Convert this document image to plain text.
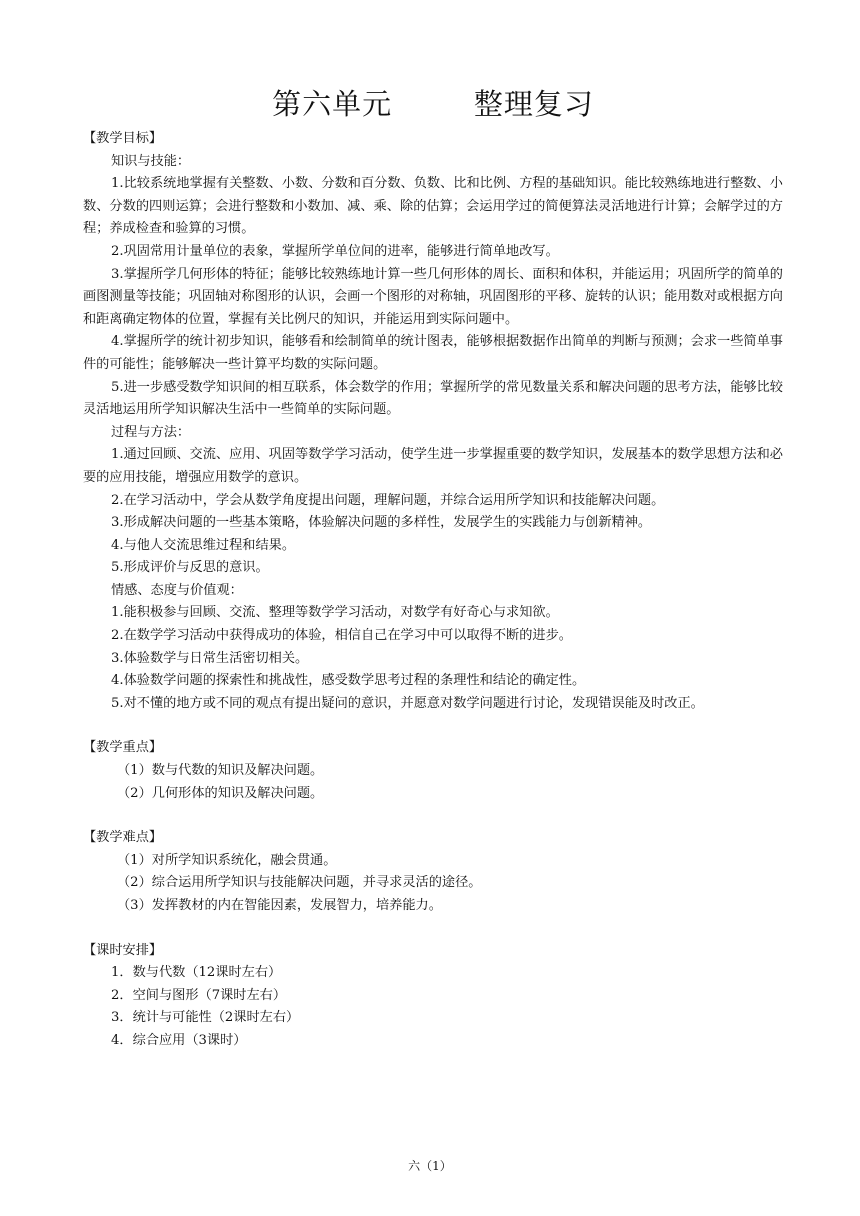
第六单元        整理复习

【教学目标】

知识与技能：

1.比较系统地掌握有关整数、小数、分数和百分数、负数、比和比例、方程的基础知识。能比较熟练地进行整数、小数、分数的四则运算；会进行整数和小数加、减、乘、除的估算；会运用学过的简便算法灵活地进行计算；会解学过的方程；养成检查和验算的习惯。

2.巩固常用计量单位的表象，掌握所学单位间的进率，能够进行简单地改写。

3.掌握所学几何形体的特征；能够比较熟练地计算一些几何形体的周长、面积和体积，并能运用；巩固所学的简单的画图测量等技能；巩固轴对称图形的认识，会画一个图形的对称轴，巩固图形的平移、旋转的认识；能用数对或根据方向和距离确定物体的位置，掌握有关比例尺的知识，并能运用到实际问题中。

4.掌握所学的统计初步知识，能够看和绘制简单的统计图表，能够根据数据作出简单的判断与预测；会求一些简单事件的可能性；能够解决一些计算平均数的实际问题。

5.进一步感受数学知识间的相互联系，体会数学的作用；掌握所学的常见数量关系和解决问题的思考方法，能够比较灵活地运用所学知识解决生活中一些简单的实际问题。

过程与方法：

1.通过回顾、交流、应用、巩固等数学学习活动，使学生进一步掌握重要的数学知识，发展基本的数学思想方法和必要的应用技能，增强应用数学的意识。

2.在学习活动中，学会从数学角度提出问题，理解问题，并综合运用所学知识和技能解决问题。

3.形成解决问题的一些基本策略，体验解决问题的多样性，发展学生的实践能力与创新精神。

4.与他人交流思维过程和结果。

5.形成评价与反思的意识。

情感、态度与价值观：

1.能积极参与回顾、交流、整理等数学学习活动，对数学有好奇心与求知欲。

2.在数学学习活动中获得成功的体验，相信自己在学习中可以取得不断的进步。

3.体验数学与日常生活密切相关。

4.体验数学问题的探索性和挑战性，感受数学思考过程的条理性和结论的确定性。

5.对不懂的地方或不同的观点有提出疑问的意识，并愿意对数学问题进行讨论，发现错误能及时改正。

【教学重点】

（1）数与代数的知识及解决问题。

（2）几何形体的知识及解决问题。

【教学难点】

（1）对所学知识系统化，融会贯通。

（2）综合运用所学知识与技能解决问题，并寻求灵活的途径。

（3）发挥教材的内在智能因素，发展智力，培养能力。

【课时安排】

1．数与代数（12课时左右）

2．空间与图形（7课时左右）

3．统计与可能性（2课时左右）

4．综合应用（3课时）

六（1）
